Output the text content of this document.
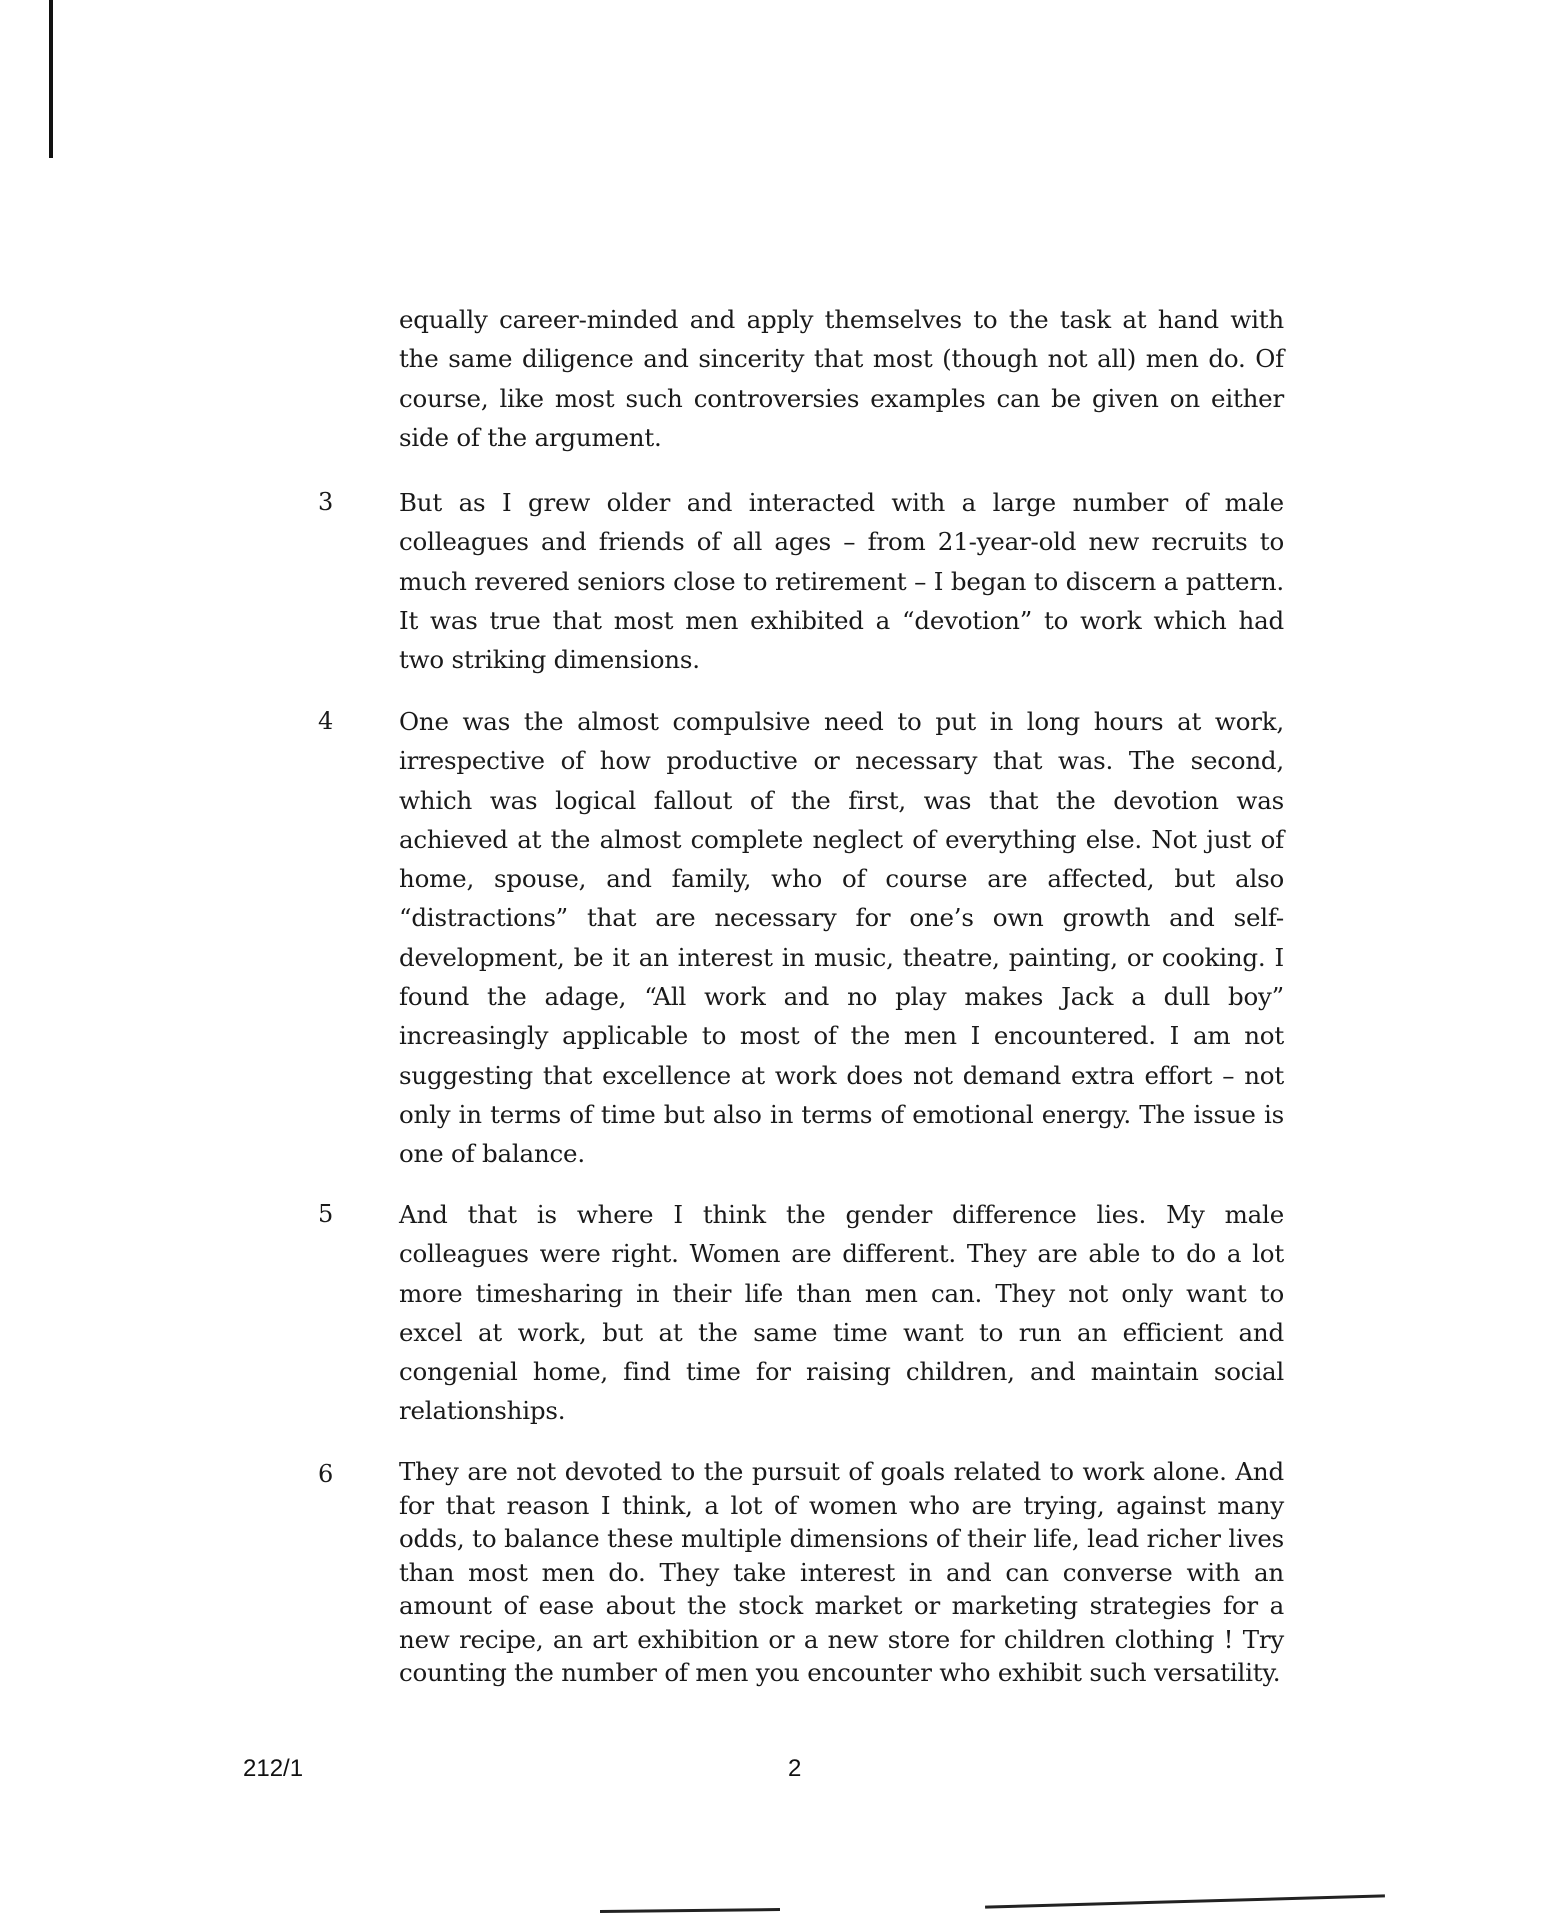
equally career-minded and apply themselves to the task at hand with the same diligence and sincerity that most (though not all) men do. Of course, like most such controversies examples can be given on either side of the argument.
3	But as I grew older and interacted with a large number of male colleagues and friends of all ages – from 21-year-old new recruits to much revered seniors close to retirement – I began to discern a pattern. It was true that most men exhibited a “devotion” to work which had two striking dimensions.
4	One was the almost compulsive need to put in long hours at work, irrespective of how productive or necessary that was. The second, which was logical fallout of the first, was that the devotion was achieved at the almost complete neglect of everything else. Not just of home, spouse, and family, who of course are affected, but also “distractions” that are necessary for one’s own growth and self-development, be it an interest in music, theatre, painting, or cooking. I found the adage, “All work and no play makes Jack a dull boy” increasingly applicable to most of the men I encountered. I am not suggesting that excellence at work does not demand extra effort – not only in terms of time but also in terms of emotional energy. The issue is one of balance.
5	And that is where I think the gender difference lies. My male colleagues were right. Women are different. They are able to do a lot more timesharing in their life than men can. They not only want to excel at work, but at the same time want to run an efficient and congenial home, find time for raising children, and maintain social relationships.
6	They are not devoted to the pursuit of goals related to work alone. And for that reason I think, a lot of women who are trying, against many odds, to balance these multiple dimensions of their life, lead richer lives than most men do. They take interest in and can converse with an amount of ease about the stock market or marketing strategies for a new recipe, an art exhibition or a new store for children clothing ! Try counting the number of men you encounter who exhibit such versatility.
212/1	2
